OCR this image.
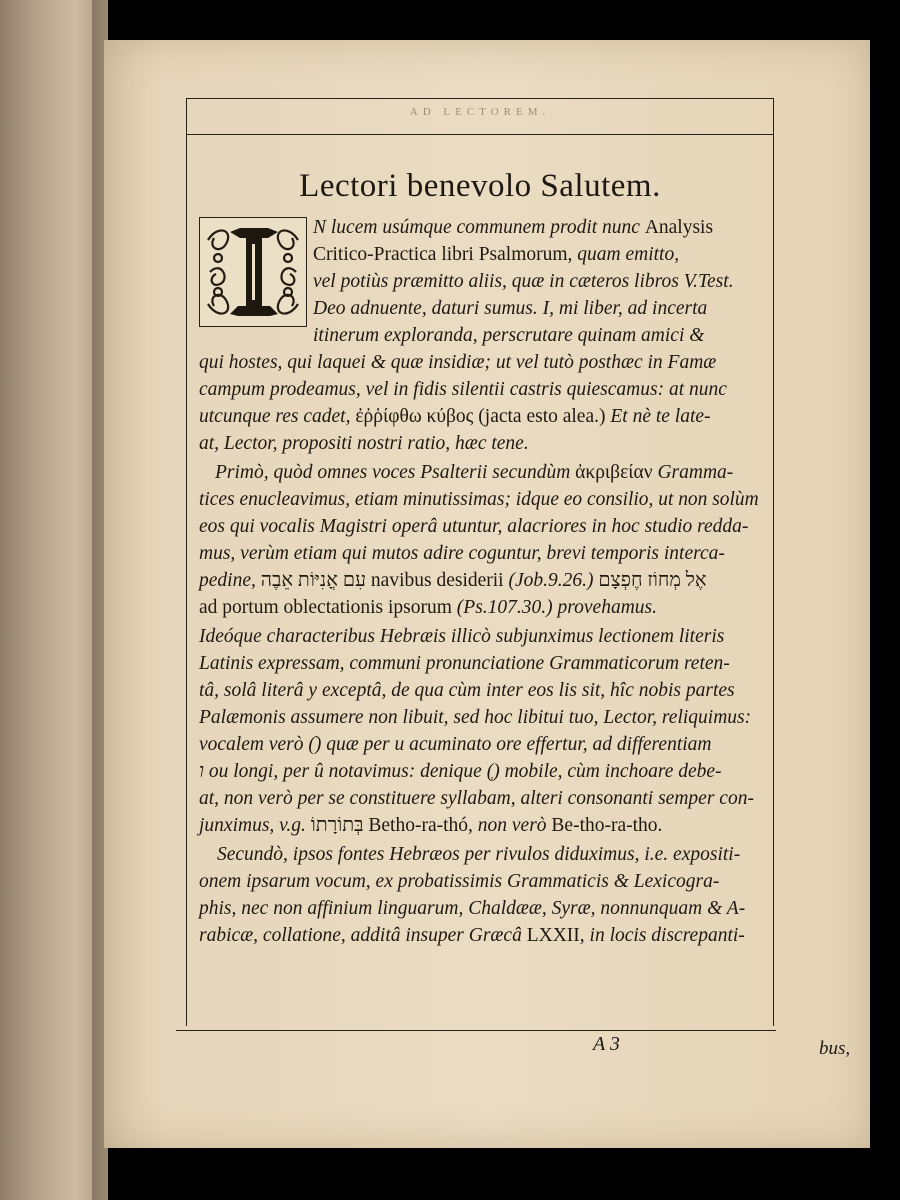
AD LECTOREM.
Lectori benevolo Salutem.
N lucem usúmque communem prodit nunc Analysis
Critico-Practica libri Psalmorum, quam emitto,
vel potiùs præmitto aliis, quæ in cæteros libros V.Test.
Deo adnuente, daturi sumus. I, mi liber, ad incerta
itinerum exploranda, perscrutare quinam amici &
qui hostes, qui laquei & quæ insidiæ; ut vel tutò posthæc in Famæ
campum prodeamus, vel in fidis silentii castris quiescamus: at nunc
utcunque res cadet, ἐῤῥίφθω κύβος (jacta esto alea.) Et nè te late-
at, Lector, propositi nostri ratio, hæc tene.
Primò, quòd omnes voces Psalterii secundùm ἀκριβείαν Gramma-
tices enucleavimus, etiam minutissimas; idque eo consilio, ut non solùm
eos qui vocalis Magistri operâ utuntur, alacriores in hoc studio redda-
mus, verùm etiam qui mutos adire coguntur, brevi temporis interca-
pedine, עִם אֳנִיּוֹת אֵבֶה navibus desiderii (Job.9.26.) אֶל מְחוֹז חֶפְצָם
ad portum oblectationis ipsorum (Ps.107.30.) provehamus.
Ideóque characteribus Hebræis illicò subjunximus lectionem literis
Latinis expressam, communi pronunciatione Grammaticorum reten-
tâ, solâ literâ y exceptâ, de qua cùm inter eos lis sit, hîc nobis partes
Palæmonis assumere non libuit, sed hoc libitui tuo, Lector, reliquimus:
vocalem verò (ֹ) quæ per u acuminato ore effertur, ad differentiam
ו ou longi, per û notavimus: denique (ְ) mobile, cùm inchoare debe-
at, non verò per se constituere syllabam, alteri consonanti semper con-
junximus, v.g. בְּתוֹרָתוֹ Betho-ra-thó, non verò Be-tho-ra-tho.
Secundò, ipsos fontes Hebræos per rivulos diduximus, i.e. expositi-
onem ipsarum vocum, ex probatissimis Grammaticis & Lexicogra-
phis, nec non affinium linguarum, Chaldææ, Syræ, nonnunquam & A-
rabicæ, collatione, additâ insuper Græcâ LXXII, in locis discrepanti-
A 3	bus,
